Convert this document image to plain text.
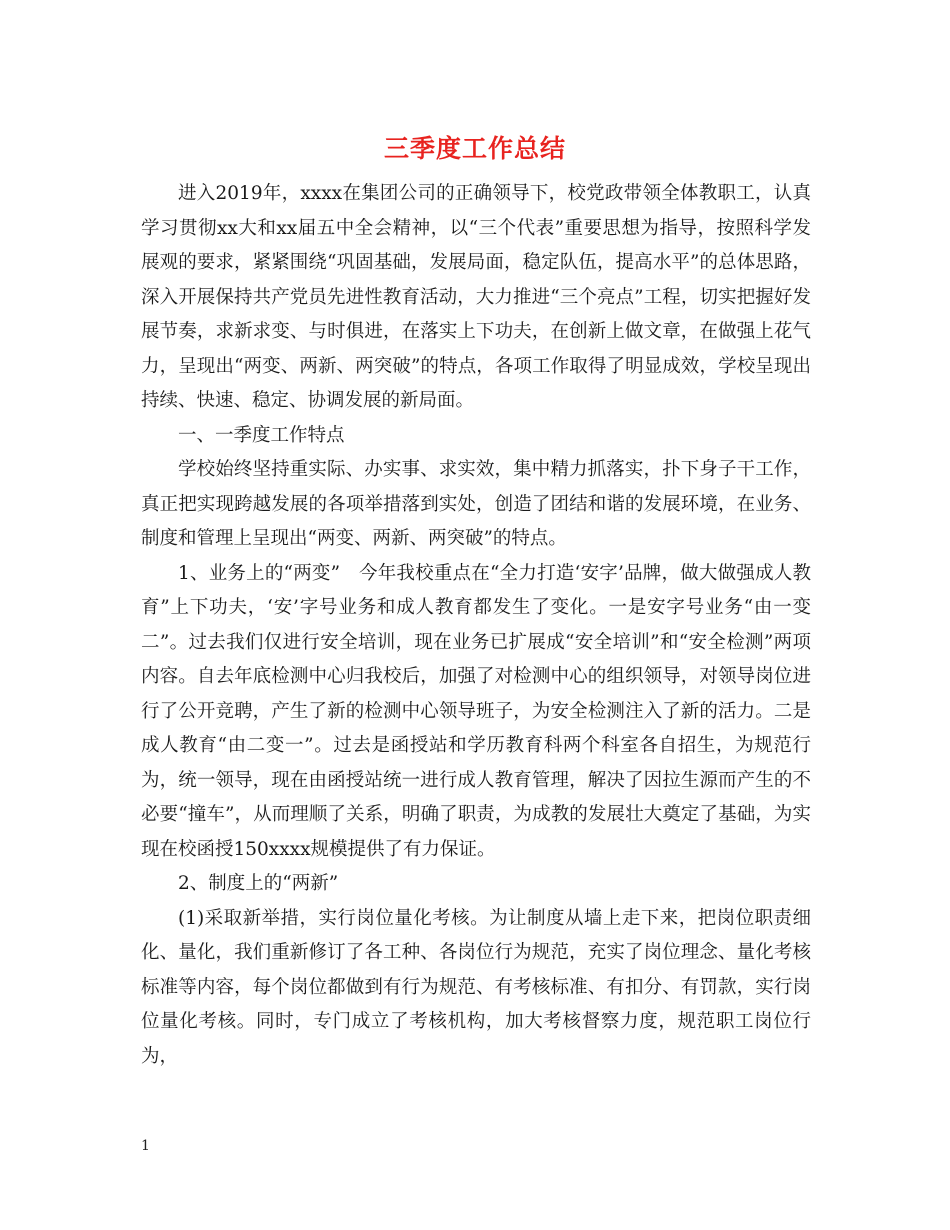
三季度工作总结

进入2019年，xxxx在集团公司的正确领导下，校党政带领全体教职工，认真学习贯彻xx大和xx届五中全会精神，以“三个代表”重要思想为指导，按照科学发展观的要求，紧紧围绕“巩固基础，发展局面，稳定队伍，提高水平”的总体思路，深入开展保持共产党员先进性教育活动，大力推进“三个亮点”工程，切实把握好发展节奏，求新求变、与时俱进，在落实上下功夫，在创新上做文章，在做强上花气力，呈现出“两变、两新、两突破”的特点，各项工作取得了明显成效，学校呈现出持续、快速、稳定、协调发展的新局面。

一、一季度工作特点

学校始终坚持重实际、办实事、求实效，集中精力抓落实，扑下身子干工作，真正把实现跨越发展的各项举措落到实处，创造了团结和谐的发展环境，在业务、制度和管理上呈现出“两变、两新、两突破”的特点。

1、业务上的“两变”　今年我校重点在“全力打造‘安字’品牌，做大做强成人教育”上下功夫，‘安’字号业务和成人教育都发生了变化。一是安字号业务“由一变二”。过去我们仅进行安全培训，现在业务已扩展成“安全培训”和“安全检测”两项内容。自去年底检测中心归我校后，加强了对检测中心的组织领导，对领导岗位进行了公开竞聘，产生了新的检测中心领导班子，为安全检测注入了新的活力。二是成人教育“由二变一”。过去是函授站和学历教育科两个科室各自招生，为规范行为，统一领导，现在由函授站统一进行成人教育管理，解决了因拉生源而产生的不必要“撞车”，从而理顺了关系，明确了职责，为成教的发展壮大奠定了基础，为实现在校函授150xxxx规模提供了有力保证。

2、制度上的“两新”

(1)采取新举措，实行岗位量化考核。为让制度从墙上走下来，把岗位职责细化、量化，我们重新修订了各工种、各岗位行为规范，充实了岗位理念、量化考核标准等内容，每个岗位都做到有行为规范、有考核标准、有扣分、有罚款，实行岗位量化考核。同时，专门成立了考核机构，加大考核督察力度，规范职工岗位行为，

1
